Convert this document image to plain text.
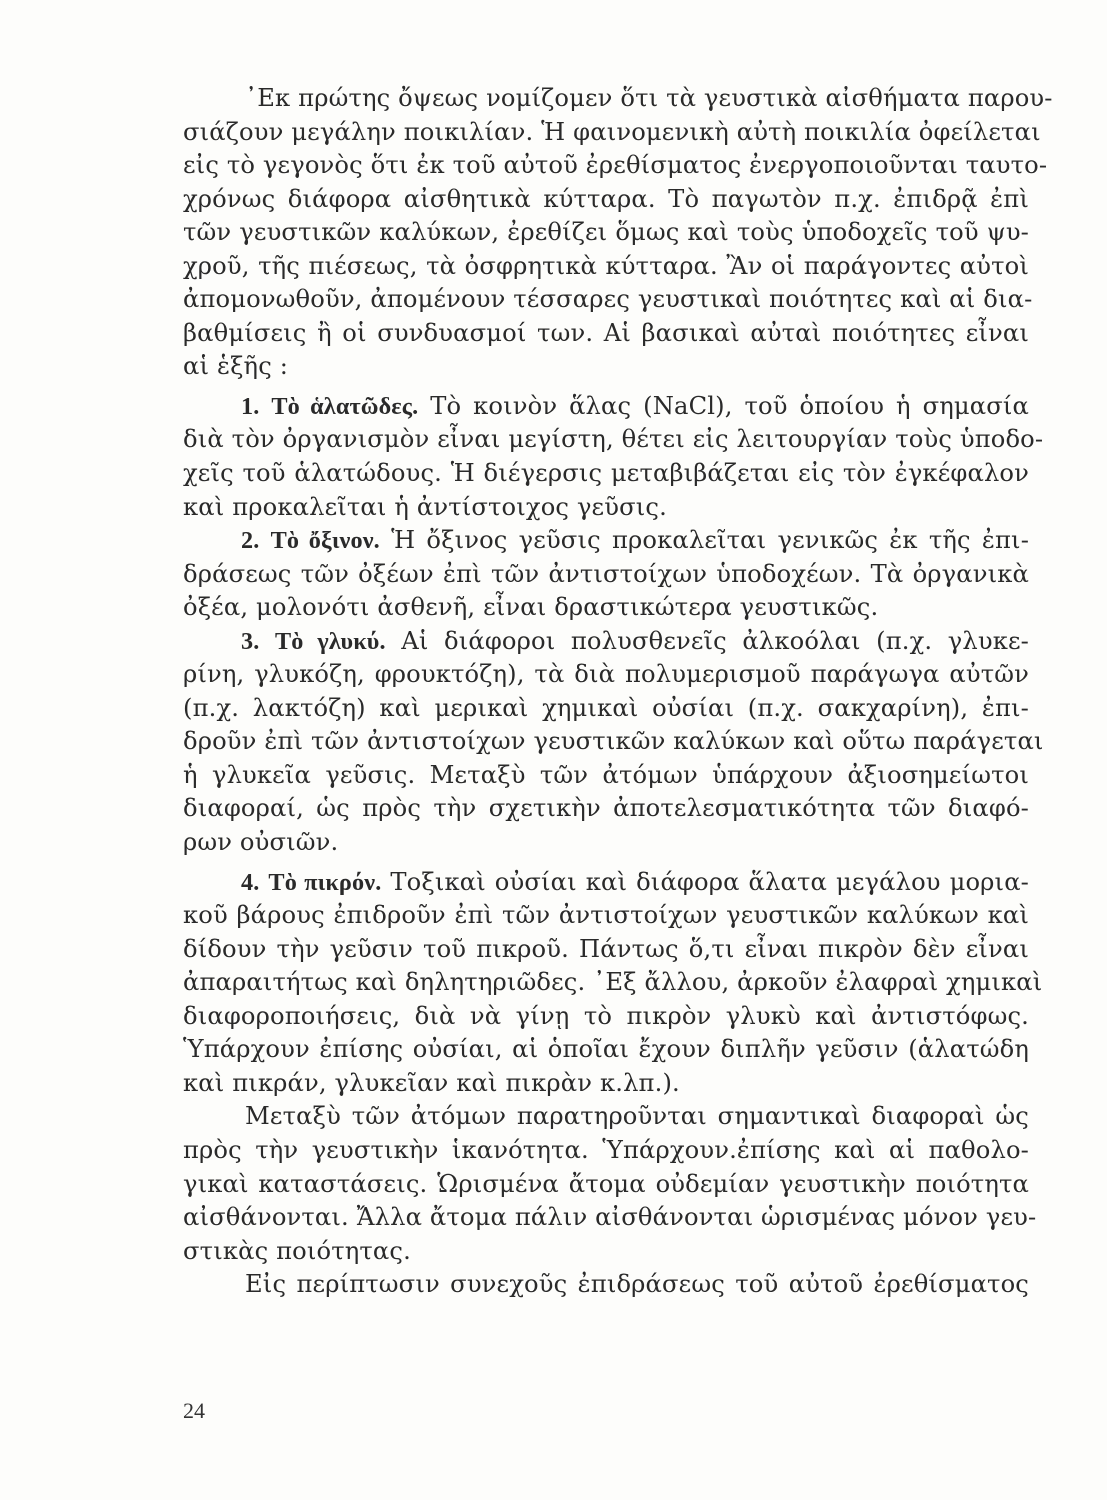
᾿Εκ πρώτης ὄψεως νομίζομεν ὅτι τὰ γευστικὰ αἰσθήματα παρου-
σιάζουν μεγάλην ποικιλίαν. Ἡ φαινομενικὴ αὐτὴ ποικιλία ὀφείλεται
εἰς τὸ γεγονὸς ὅτι ἐκ τοῦ αὐτοῦ ἐρεθίσματος ἐνεργοποιοῦνται ταυτο-
χρόνως διάφορα αἰσθητικὰ κύτταρα. Τὸ παγωτὸν π.χ. ἐπιδρᾷ ἐπὶ
τῶν γευστικῶν καλύκων, ἐρεθίζει ὅμως καὶ τοὺς ὑποδοχεῖς τοῦ ψυ-
χροῦ, τῆς πιέσεως, τὰ ὀσφρητικὰ κύτταρα. Ἂν οἱ παράγοντες αὐτοὶ
ἀπομονωθοῦν, ἀπομένουν τέσσαρες γευστικαὶ ποιότητες καὶ αἱ δια-
βαθμίσεις ἢ οἱ συνδυασμοί των. Αἱ βασικαὶ αὐταὶ ποιότητες εἶναι
αἱ ἑξῆς :
1. Τὸ ἁλατῶδες. Τὸ κοινὸν ἅλας (NaCl), τοῦ ὁποίου ἡ σημασία
διὰ τὸν ὀργανισμὸν εἶναι μεγίστη, θέτει εἰς λειτουργίαν τοὺς ὑποδο-
χεῖς τοῦ ἁλατώδους. Ἡ διέγερσις μεταβιβάζεται εἰς τὸν ἐγκέφαλον
καὶ προκαλεῖται ἡ ἀντίστοιχος γεῦσις.
2. Τὸ ὄξινον. Ἡ ὄξινος γεῦσις προκαλεῖται γενικῶς ἐκ τῆς ἐπι-
δράσεως τῶν ὀξέων ἐπὶ τῶν ἀντιστοίχων ὑποδοχέων. Τὰ ὀργανικὰ
ὀξέα, μολονότι ἀσθενῆ, εἶναι δραστικώτερα γευστικῶς.
3. Τὸ γλυκύ. Αἱ διάφοροι πολυσθενεῖς ἀλκοόλαι (π.χ. γλυκε-
ρίνη, γλυκόζη, φρουκτόζη), τὰ διὰ πολυμερισμοῦ παράγωγα αὐτῶν
(π.χ. λακτόζη) καὶ μερικαὶ χημικαὶ οὐσίαι (π.χ. σακχαρίνη), ἐπι-
δροῦν ἐπὶ τῶν ἀντιστοίχων γευστικῶν καλύκων καὶ οὕτω παράγεται
ἡ γλυκεῖα γεῦσις. Μεταξὺ τῶν ἀτόμων ὑπάρχουν ἀξιοσημείωτοι
διαφοραί, ὡς πρὸς τὴν σχετικὴν ἀποτελεσματικότητα τῶν διαφό-
ρων οὐσιῶν.
4. Τὸ πικρόν. Τοξικαὶ οὐσίαι καὶ διάφορα ἅλατα μεγάλου μορια-
κοῦ βάρους ἐπιδροῦν ἐπὶ τῶν ἀντιστοίχων γευστικῶν καλύκων καὶ
δίδουν τὴν γεῦσιν τοῦ πικροῦ. Πάντως ὅ,τι εἶναι πικρὸν δὲν εἶναι
ἀπαραιτήτως καὶ δηλητηριῶδες. ᾿Εξ ἄλλου, ἀρκοῦν ἐλαφραὶ χημικαὶ
διαφοροποιήσεις, διὰ νὰ γίνῃ τὸ πικρὸν γλυκὺ καὶ ἀντιστόφως.
Ὑπάρχουν ἐπίσης οὐσίαι, αἱ ὁποῖαι ἔχουν διπλῆν γεῦσιν (ἁλατώδη
καὶ πικράν, γλυκεῖαν καὶ πικρὰν κ.λπ.).
Μεταξὺ τῶν ἀτόμων παρατηροῦνται σημαντικαὶ διαφοραὶ ὡς
πρὸς τὴν γευστικὴν ἱκανότητα. Ὑπάρχουν.ἐπίσης καὶ αἱ παθολο-
γικαὶ καταστάσεις. Ὡρισμένα ἄτομα οὐδεμίαν γευστικὴν ποιότητα
αἰσθάνονται. Ἄλλα ἄτομα πάλιν αἰσθάνονται ὡρισμένας μόνον γευ-
στικὰς ποιότητας.
Εἰς περίπτωσιν συνεχοῦς ἐπιδράσεως τοῦ αὐτοῦ ἐρεθίσματος
24
